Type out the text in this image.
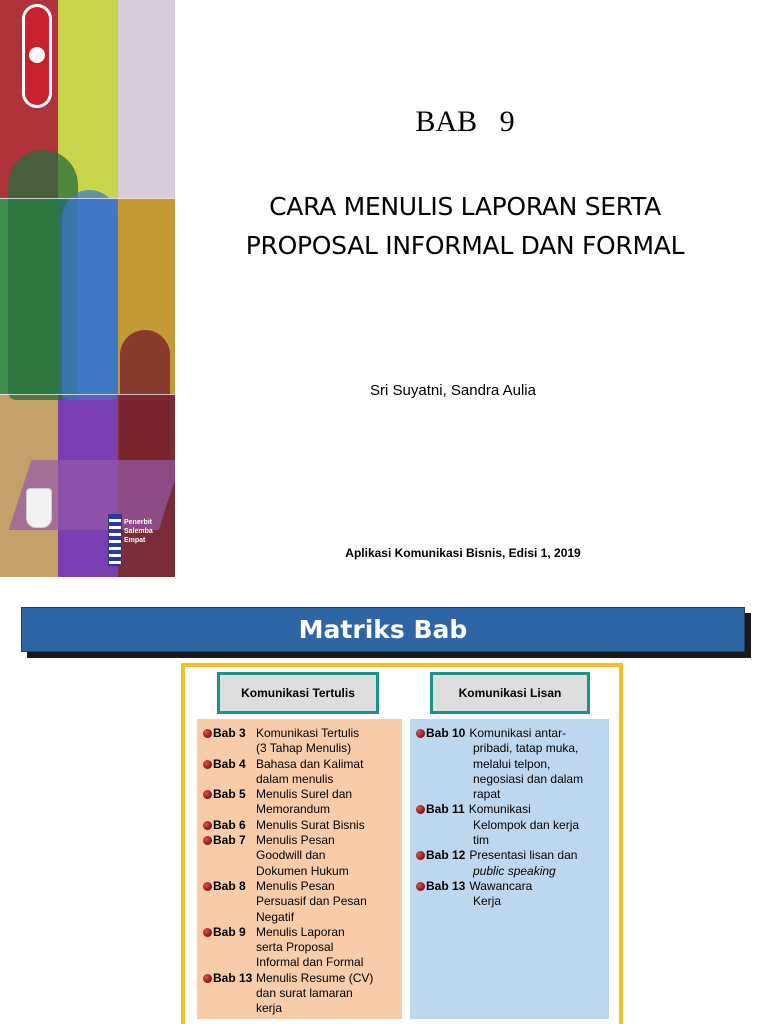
Penerbit
Salemba Empat
BAB   9
CARA MENULIS LAPORAN SERTA
PROPOSAL INFORMAL DAN FORMAL
Sri Suyatni, Sandra Aulia
Aplikasi Komunikasi Bisnis, Edisi 1, 2019
Matriks Bab
Komunikasi Tertulis	Komunikasi Lisan
Bab 3 Komunikasi Tertulis
(3 Tahap Menulis)
Bab 4 Bahasa dan Kalimat
dalam menulis
Bab 5 Menulis Surel dan
Memorandum
Bab 6 Menulis Surat Bisnis
Bab 7 Menulis Pesan
Goodwill dan
Dokumen Hukum
Bab 8 Menulis Pesan
Persuasif dan Pesan
Negatif
Bab 9 Menulis Laporan
serta Proposal
Informal dan Formal
Bab 13 Menulis Resume (CV)
dan surat lamaran
kerja
Bab 10 Komunikasi antar-
pribadi, tatap muka,
melalui telpon,
negosiasi dan dalam
rapat
Bab 11 Komunikasi
Kelompok dan kerja
tim
Bab 12 Presentasi lisan dan
public speaking
Bab 13 Wawancara
Kerja
